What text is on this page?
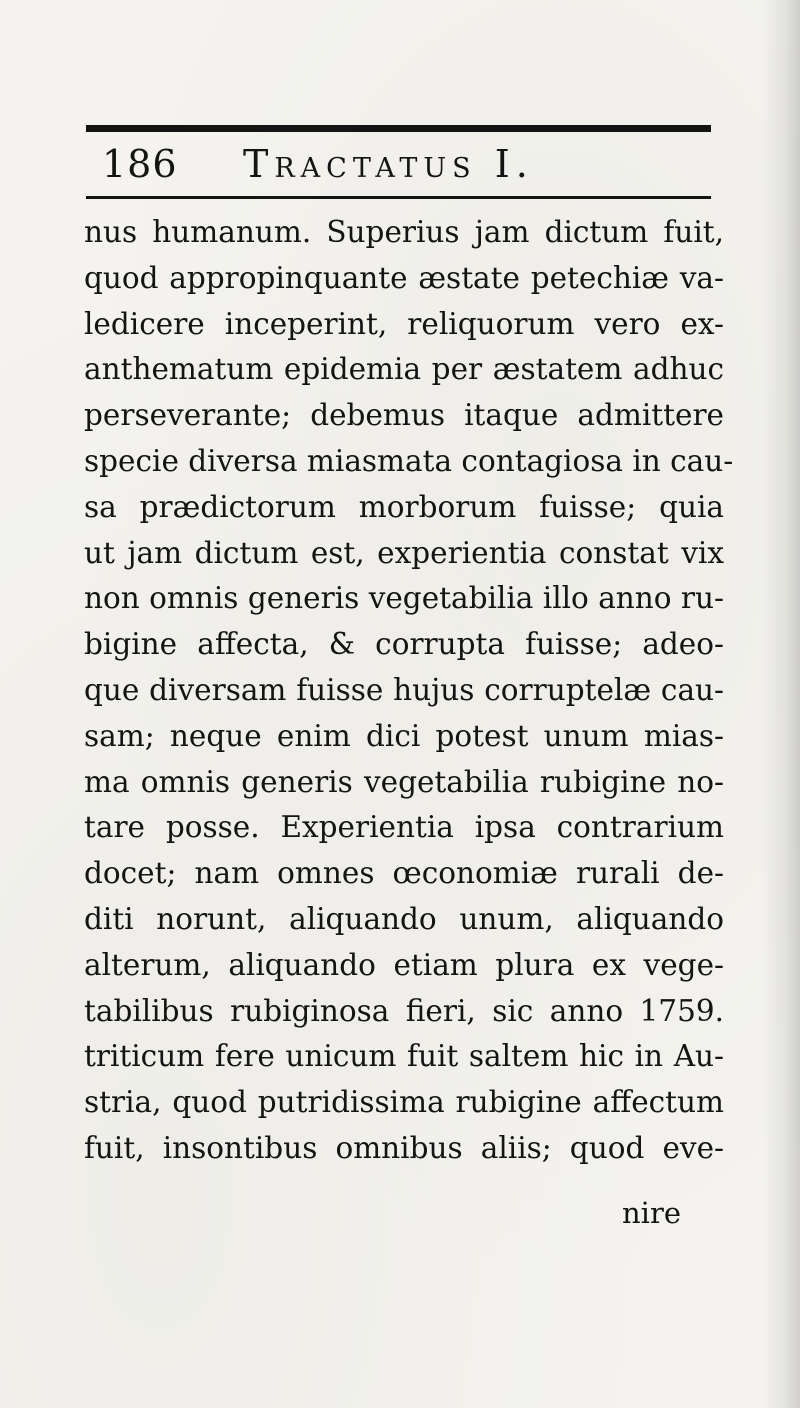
186 Tractatus I.
nus humanum. Superius jam dictum fuit,
quod appropinquante æstate petechiæ va-
ledicere inceperint, reliquorum vero ex-
anthematum epidemia per æstatem adhuc
perseverante; debemus itaque admittere
specie diversa miasmata contagiosa in cau-
sa prædictorum morborum fuisse; quia
ut jam dictum est, experientia constat vix
non omnis generis vegetabilia illo anno ru-
bigine affecta, & corrupta fuisse; adeo-
que diversam fuisse hujus corruptelæ cau-
sam; neque enim dici potest unum mias-
ma omnis generis vegetabilia rubigine no-
tare posse. Experientia ipsa contrarium
docet; nam omnes œconomiæ rurali de-
diti norunt, aliquando unum, aliquando
alterum, aliquando etiam plura ex vege-
tabilibus rubiginosa fieri, sic anno 1759.
triticum fere unicum fuit saltem hic in Au-
stria, quod putridissima rubigine affectum
fuit, insontibus omnibus aliis; quod eve-
nire
